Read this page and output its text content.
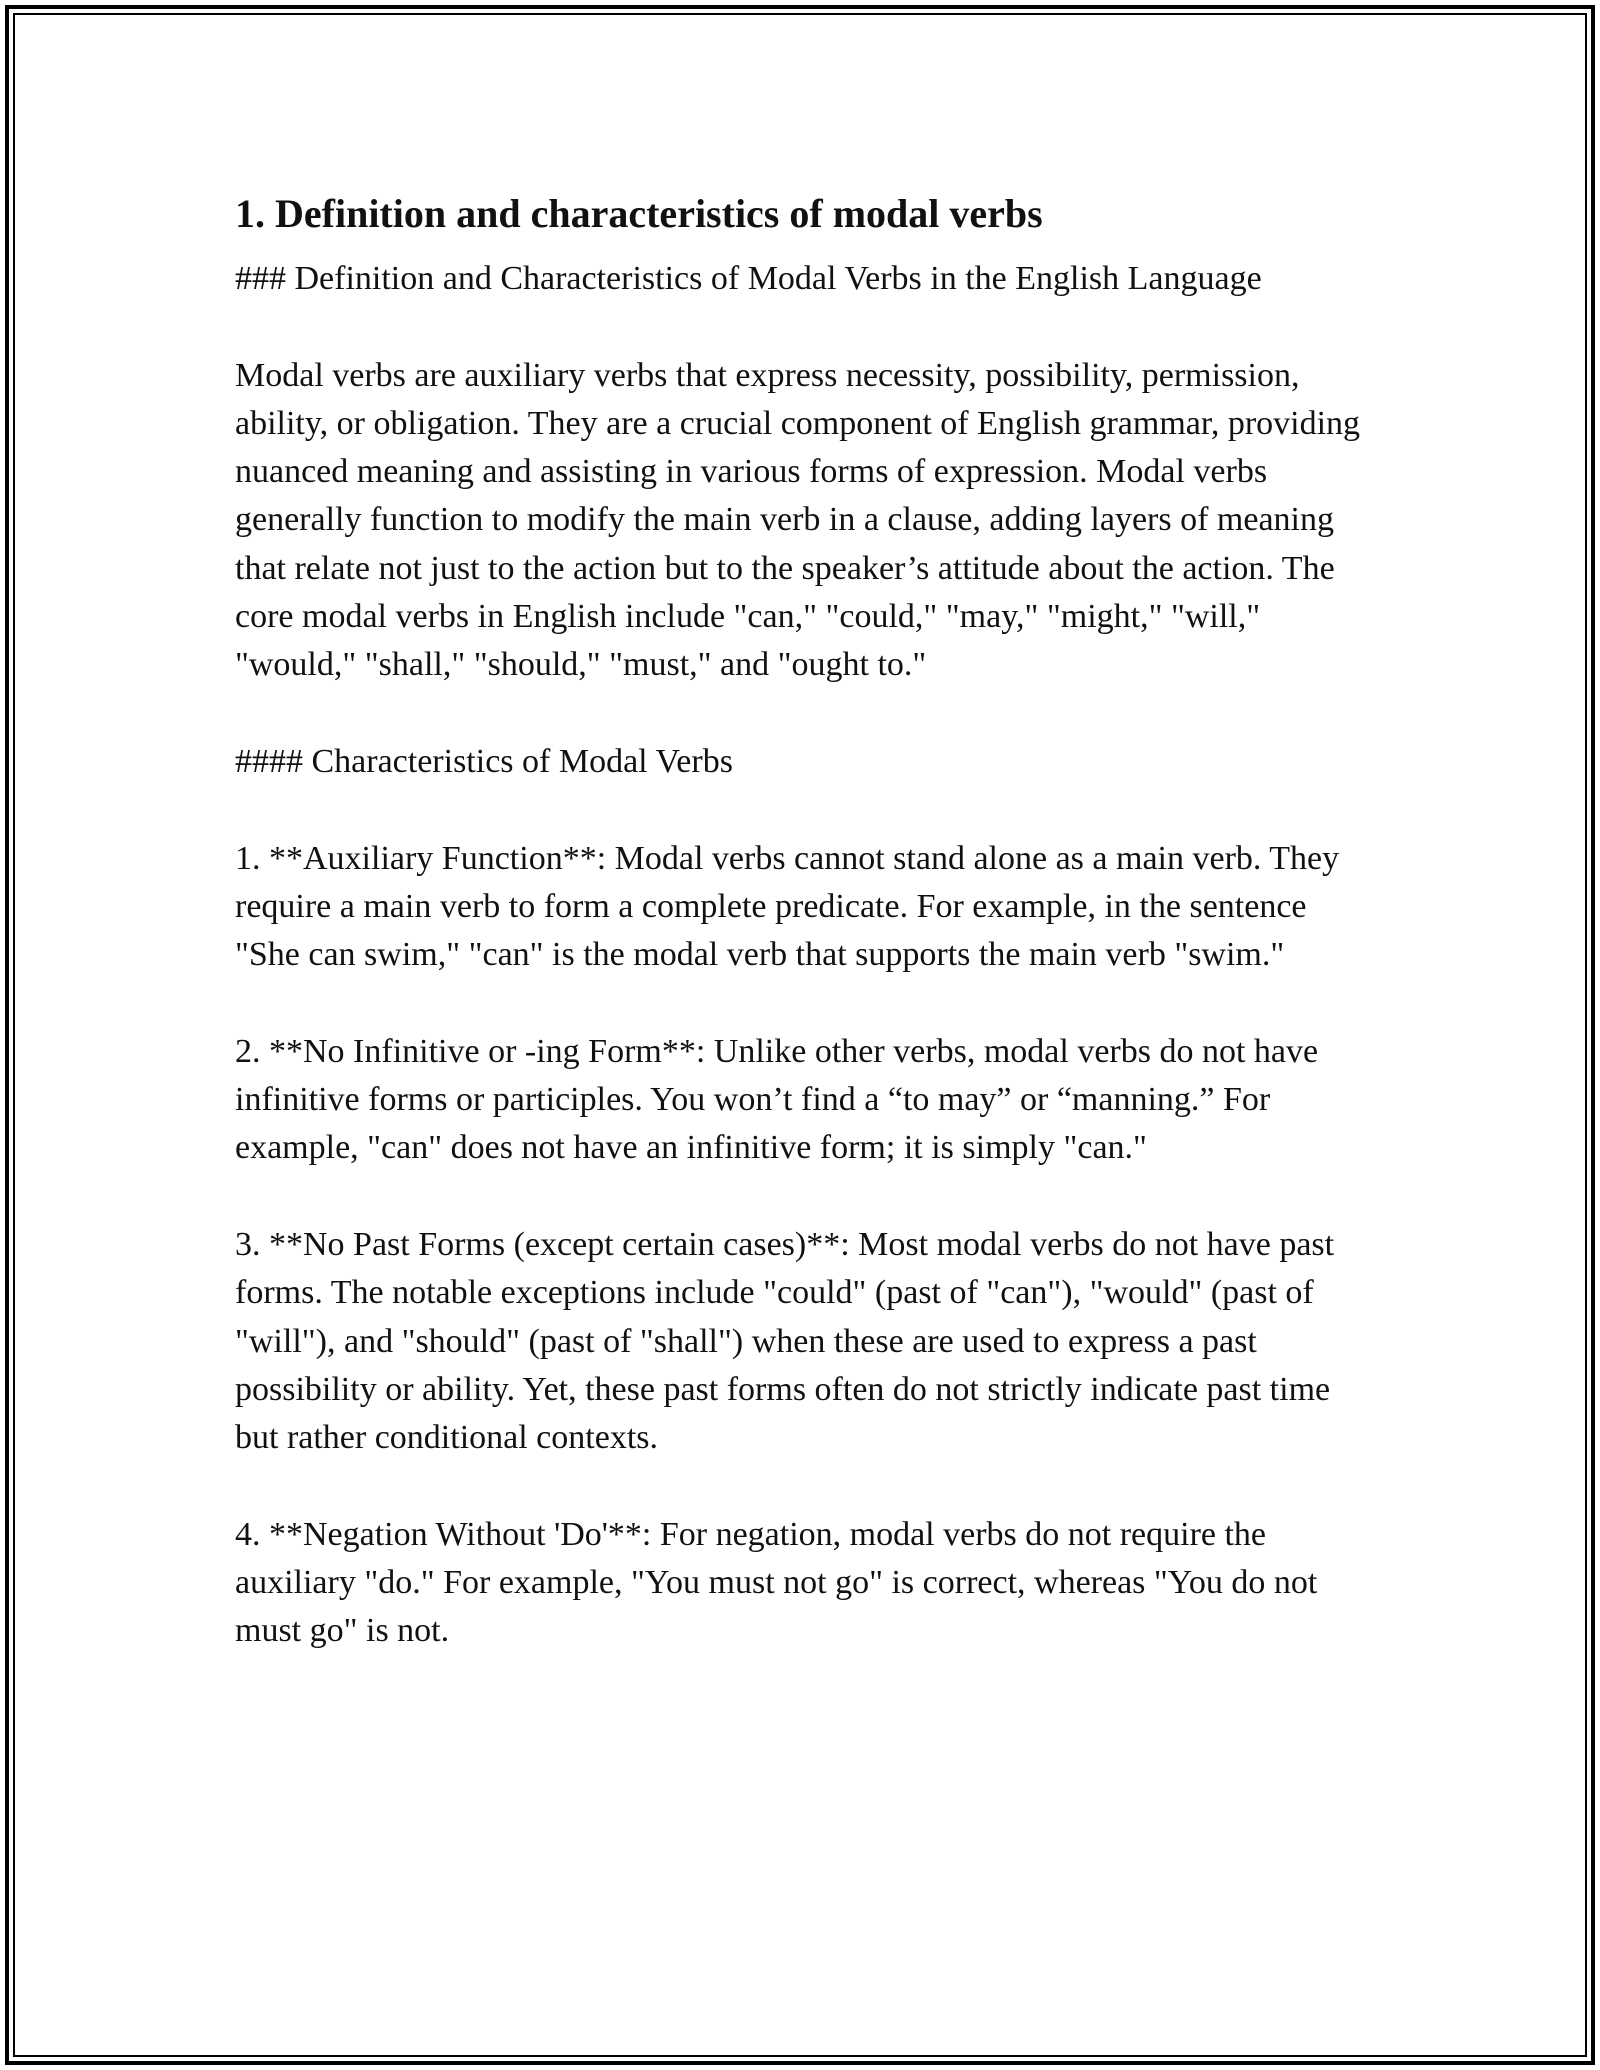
1. Definition and characteristics of modal verbs

### Definition and Characteristics of Modal Verbs in the English Language

Modal verbs are auxiliary verbs that express necessity, possibility, permission, ability, or obligation. They are a crucial component of English grammar, providing nuanced meaning and assisting in various forms of expression. Modal verbs generally function to modify the main verb in a clause, adding layers of meaning that relate not just to the action but to the speaker’s attitude about the action. The core modal verbs in English include "can," "could," "may," "might," "will," "would," "shall," "should," "must," and "ought to."

#### Characteristics of Modal Verbs

1. **Auxiliary Function**: Modal verbs cannot stand alone as a main verb. They require a main verb to form a complete predicate. For example, in the sentence "She can swim," "can" is the modal verb that supports the main verb "swim."

2. **No Infinitive or -ing Form**: Unlike other verbs, modal verbs do not have infinitive forms or participles. You won’t find a “to may” or “manning.” For example, "can" does not have an infinitive form; it is simply "can."

3. **No Past Forms (except certain cases)**: Most modal verbs do not have past forms. The notable exceptions include "could" (past of "can"), "would" (past of "will"), and "should" (past of "shall") when these are used to express a past possibility or ability. Yet, these past forms often do not strictly indicate past time but rather conditional contexts.

4. **Negation Without 'Do'**: For negation, modal verbs do not require the auxiliary "do." For example, "You must not go" is correct, whereas "You do not must go" is not.
